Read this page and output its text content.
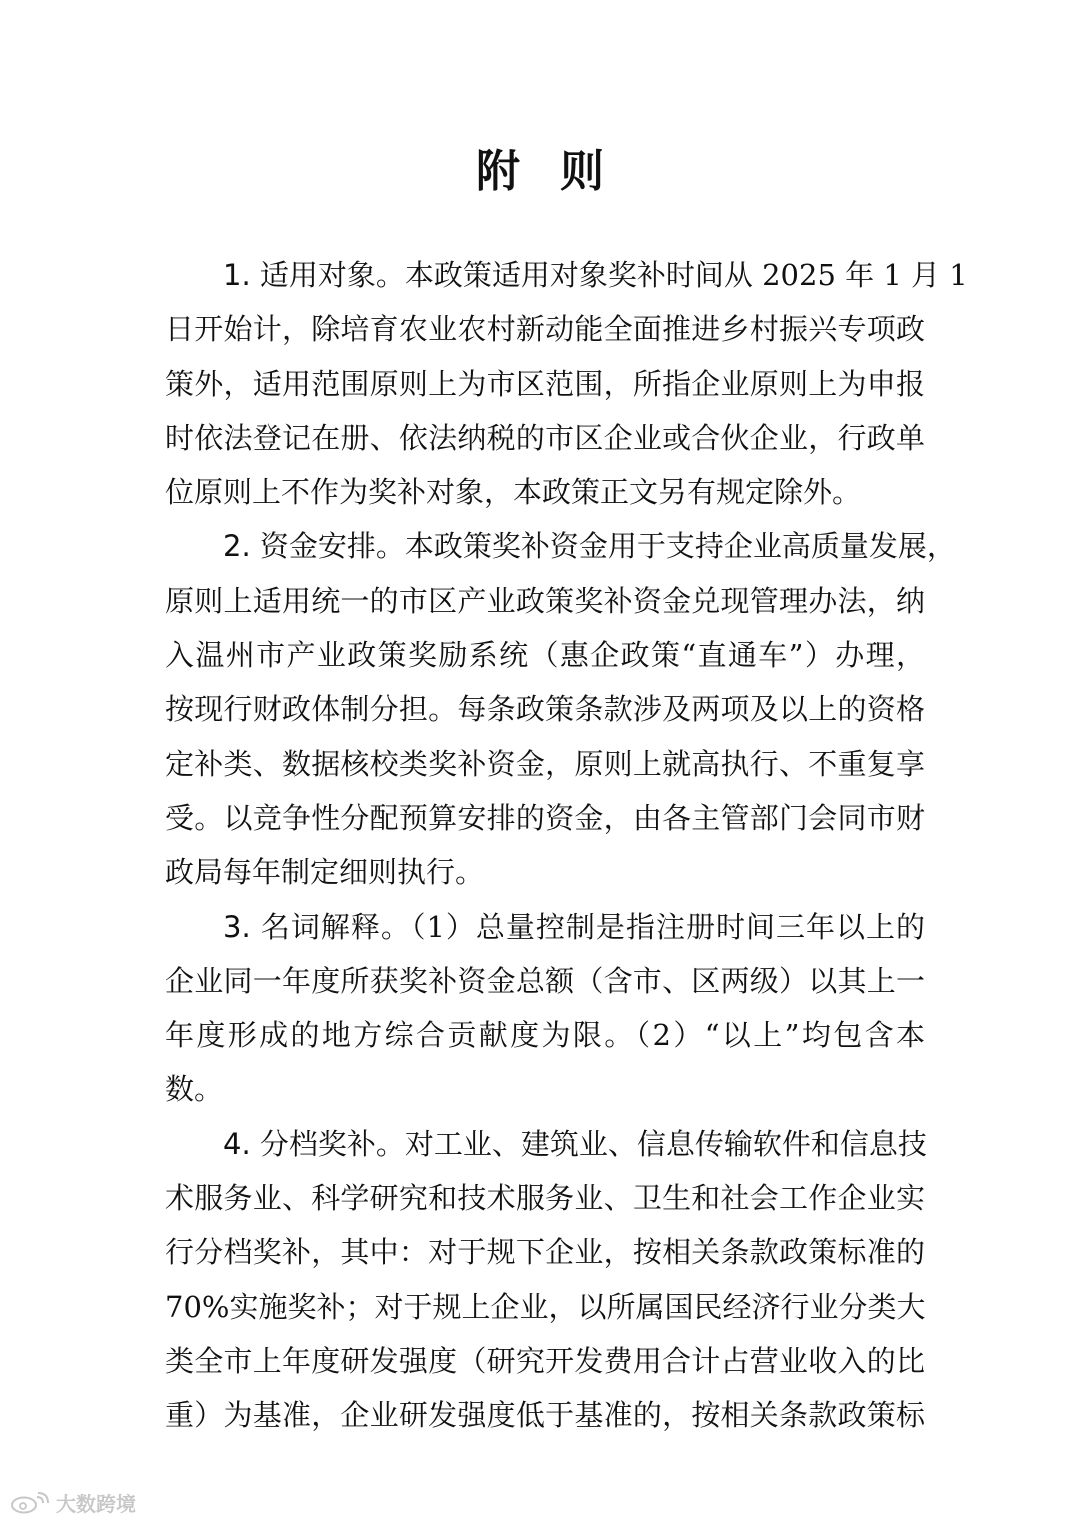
附 则
1. 适用对象。本政策适用对象奖补时间从 2025 年 1 月 1
日开始计，除培育农业农村新动能全面推进乡村振兴专项政
策外，适用范围原则上为市区范围，所指企业原则上为申报
时依法登记在册、依法纳税的市区企业或合伙企业，行政单
位原则上不作为奖补对象，本政策正文另有规定除外。
2. 资金安排。本政策奖补资金用于支持企业高质量发展，
原则上适用统一的市区产业政策奖补资金兑现管理办法，纳
入温州市产业政策奖励系统（惠企政策“直通车”）办理，
按现行财政体制分担。每条政策条款涉及两项及以上的资格
定补类、数据核校类奖补资金，原则上就高执行、不重复享
受。以竞争性分配预算安排的资金，由各主管部门会同市财
政局每年制定细则执行。
3. 名词解释。（1）总量控制是指注册时间三年以上的
企业同一年度所获奖补资金总额（含市、区两级）以其上一
年度形成的地方综合贡献度为限。（2）“以上”均包含本
数。
4. 分档奖补。对工业、建筑业、信息传输软件和信息技
术服务业、科学研究和技术服务业、卫生和社会工作企业实
行分档奖补，其中：对于规下企业，按相关条款政策标准的
70%实施奖补；对于规上企业，以所属国民经济行业分类大
类全市上年度研发强度（研究开发费用合计占营业收入的比
重）为基准，企业研发强度低于基准的，按相关条款政策标
大数跨境
